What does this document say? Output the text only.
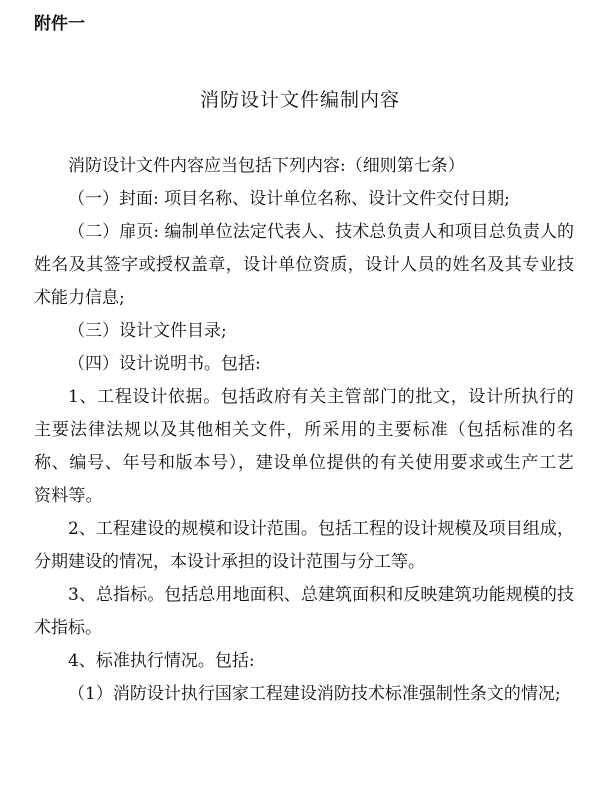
附件一
消防设计文件编制内容

消防设计文件内容应当包括下列内容:（细则第七条）

（一）封面: 项目名称、设计单位名称、设计文件交付日期;

（二）扉页: 编制单位法定代表人、技术总负责人和项目总负责人的姓名及其签字或授权盖章，设计单位资质，设计人员的姓名及其专业技术能力信息;

（三）设计文件目录;

（四）设计说明书。包括:

1、工程设计依据。包括政府有关主管部门的批文，设计所执行的主要法律法规以及其他相关文件，所采用的主要标准（包括标准的名称、编号、年号和版本号），建设单位提供的有关使用要求或生产工艺资料等。

2、工程建设的规模和设计范围。包括工程的设计规模及项目组成，分期建设的情况，本设计承担的设计范围与分工等。

3、总指标。包括总用地面积、总建筑面积和反映建筑功能规模的技术指标。

4、标准执行情况。包括:

（1）消防设计执行国家工程建设消防技术标准强制性条文的情况;
